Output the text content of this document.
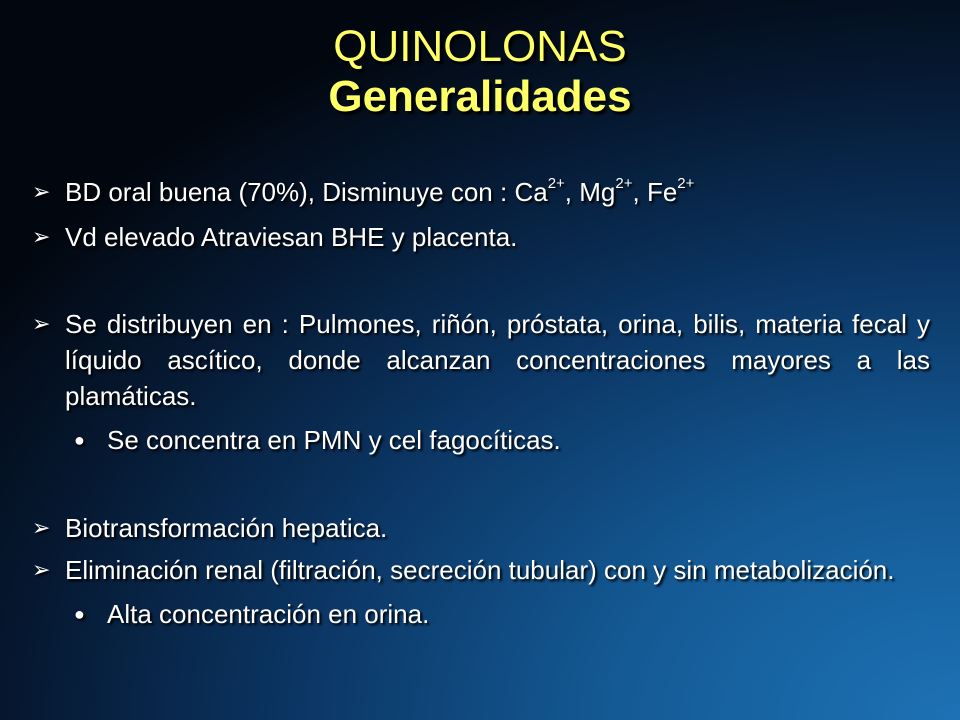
QUINOLONAS
Generalidades
➢ BD oral buena (70%), Disminuye con : $Ca^{2+}$, $Mg^{2+}$, $Fe^{2+}$
➢ Vd elevado Atraviesan BHE y placenta.
➢ Se distribuyen en : Pulmones, riñón, próstata, orina, bilis, materia fecal y líquido ascítico, donde alcanzan concentraciones mayores a las plamáticas.
● Se concentra en PMN y cel fagocíticas.
➢ Biotransformación hepatica.
➢ Eliminación renal (filtración, secreción tubular) con y sin metabolización.
● Alta concentración en orina.
